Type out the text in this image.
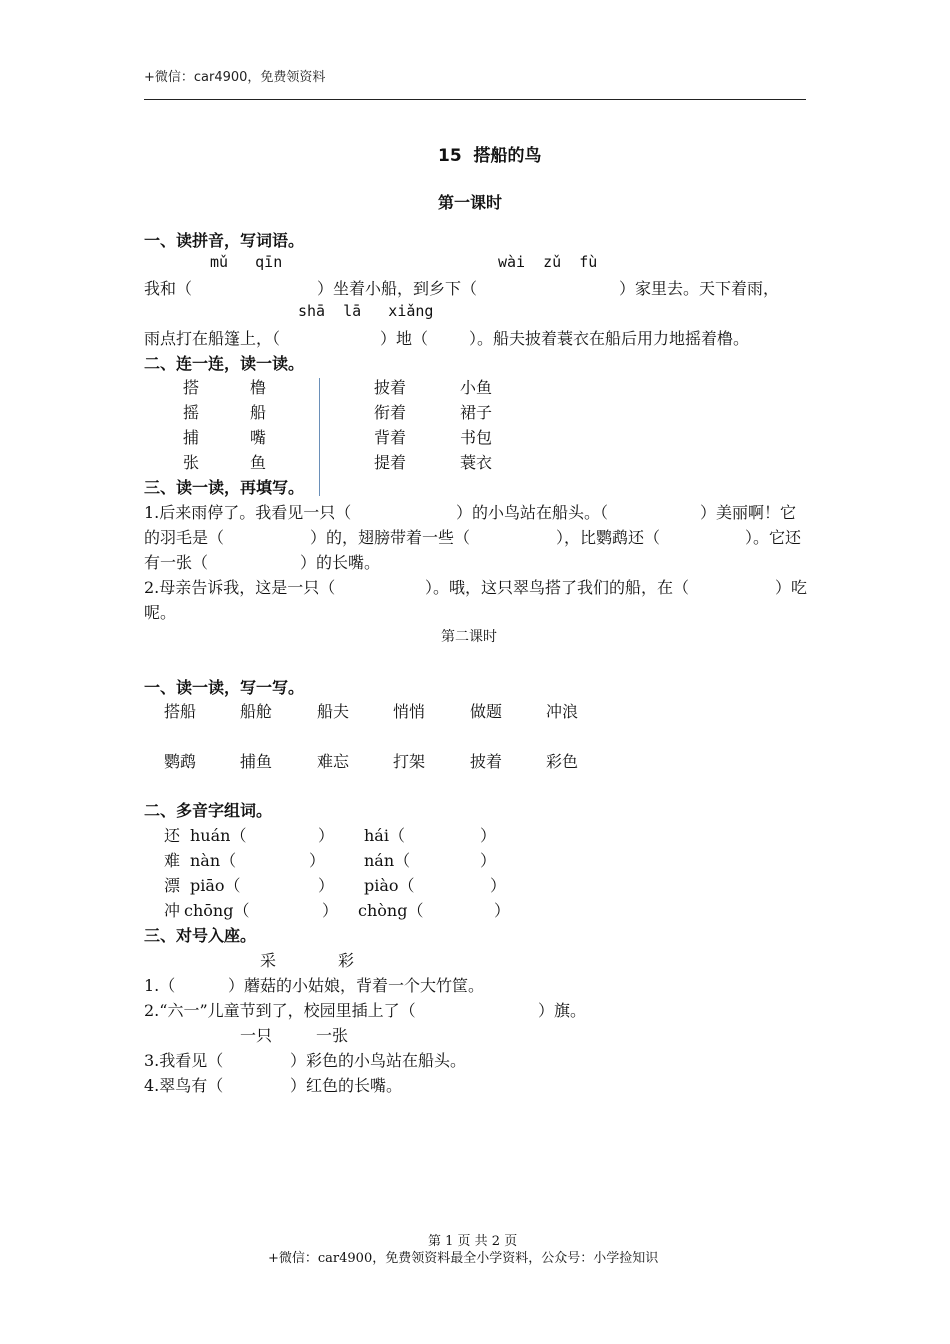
+微信：car4900，免费领资料
15  搭船的鸟
第一课时
一、读拼音，写词语。
mǔ   qīn	wài  zǔ  fù
我和（	）坐着小船，到乡下（	）家里去。天下着雨，
shā  lā   xiǎng
雨点打在船篷上，（	）地（	）。船夫披着蓑衣在船后用力地摇着橹。
二、连一连，读一读。
搭	橹	披着	小鱼
摇	船	衔着	裙子
捕	嘴	背着	书包
张	鱼	提着	蓑衣
三、读一读，再填写。
1.后来雨停了。我看见一只（	）的小鸟站在船头。（	）美丽啊！它
的羽毛是（	）的，翅膀带着一些（	），比鹦鹉还（	）。它还
有一张（	）的长嘴。
2.母亲告诉我，这是一只（	）。哦，这只翠鸟搭了我们的船，在（	）吃
呢。
第二课时
一、读一读，写一写。
搭船	船舱	船夫	悄悄	做题	冲浪
鹦鹉	捕鱼	难忘	打架	披着	彩色
二、多音字组词。
还 huán（	） hái（	）
难 nàn（	） nán（	）
漂 piāo（	） piào（	）
冲 chōng（	） chòng（	）
三、对号入座。
采	彩
1.（	）蘑菇的小姑娘，背着一个大竹筐。
2.“六一”儿童节到了，校园里插上了（	）旗。
一只	一张
3.我看见（	）彩色的小鸟站在船头。
4.翠鸟有（	）红色的长嘴。
第 1 页 共 2 页
+微信：car4900，免费领资料最全小学资料，公众号：小学捡知识
